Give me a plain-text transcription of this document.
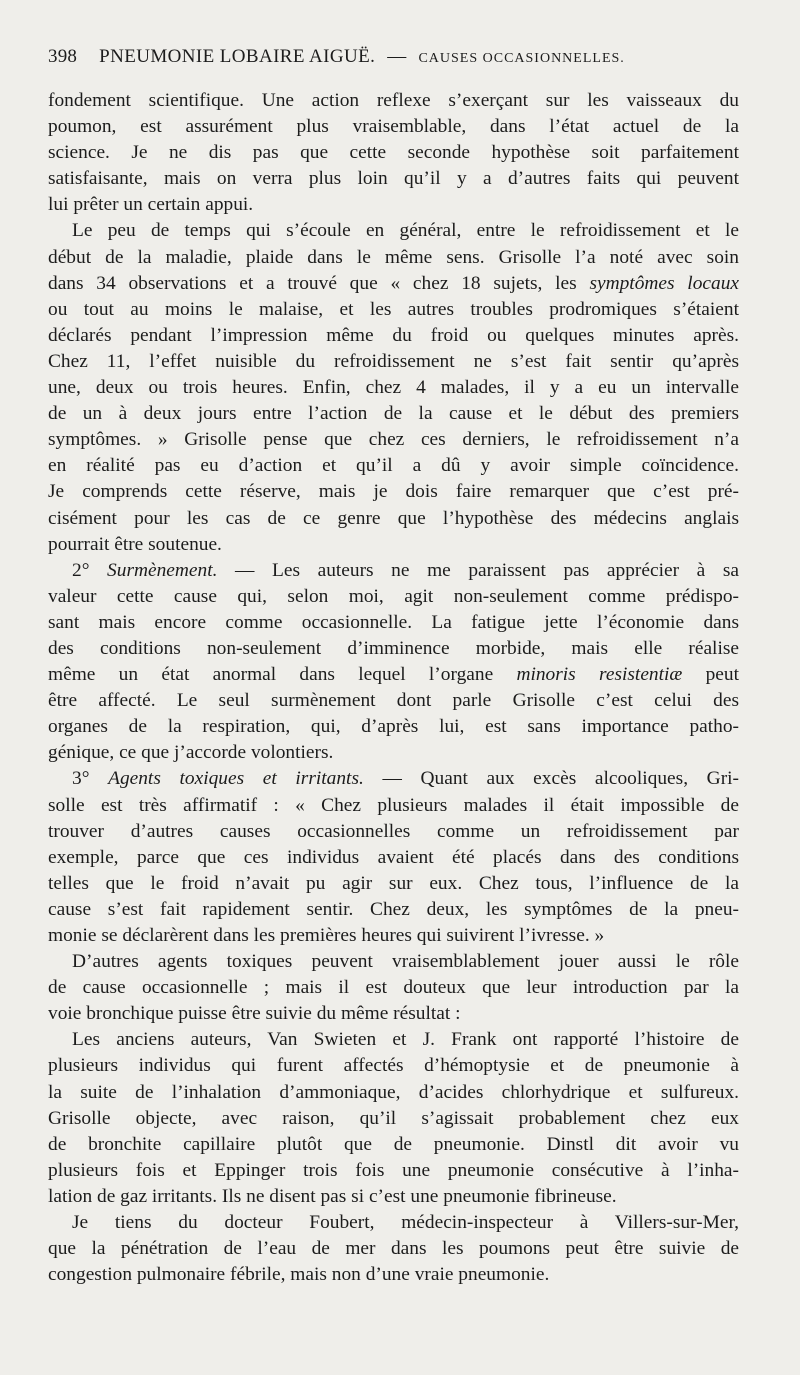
398 PNEUMONIE LOBAIRE AIGUË. — CAUSES OCCASIONNELLES.
fondement scientifique. Une action reflexe s’exerçant sur les vaisseaux du
poumon, est assurément plus vraisemblable, dans l’état actuel de la
science. Je ne dis pas que cette seconde hypothèse soit parfaitement
satisfaisante, mais on verra plus loin qu’il y a d’autres faits qui peuvent
lui prêter un certain appui.
Le peu de temps qui s’écoule en général, entre le refroidissement et le
début de la maladie, plaide dans le même sens. Grisolle l’a noté avec soin
dans 34 observations et a trouvé que « chez 18 sujets, les symptômes locaux
ou tout au moins le malaise, et les autres troubles prodromiques s’étaient
déclarés pendant l’impression même du froid ou quelques minutes après.
Chez 11, l’effet nuisible du refroidissement ne s’est fait sentir qu’après
une, deux ou trois heures. Enfin, chez 4 malades, il y a eu un intervalle
de un à deux jours entre l’action de la cause et le début des premiers
symptômes. » Grisolle pense que chez ces derniers, le refroidissement n’a
en réalité pas eu d’action et qu’il a dû y avoir simple coïncidence.
Je comprends cette réserve, mais je dois faire remarquer que c’est pré-
cisément pour les cas de ce genre que l’hypothèse des médecins anglais
pourrait être soutenue.
2° Surmènement. — Les auteurs ne me paraissent pas apprécier à sa
valeur cette cause qui, selon moi, agit non-seulement comme prédispo-
sant mais encore comme occasionnelle. La fatigue jette l’économie dans
des conditions non-seulement d’imminence morbide, mais elle réalise
même un état anormal dans lequel l’organe minoris resistentiæ peut
être affecté. Le seul surmènement dont parle Grisolle c’est celui des
organes de la respiration, qui, d’après lui, est sans importance patho-
génique, ce que j’accorde volontiers.
3° Agents toxiques et irritants. — Quant aux excès alcooliques, Gri-
solle est très affirmatif : « Chez plusieurs malades il était impossible de
trouver d’autres causes occasionnelles comme un refroidissement par
exemple, parce que ces individus avaient été placés dans des conditions
telles que le froid n’avait pu agir sur eux. Chez tous, l’influence de la
cause s’est fait rapidement sentir. Chez deux, les symptômes de la pneu-
monie se déclarèrent dans les premières heures qui suivirent l’ivresse. »
D’autres agents toxiques peuvent vraisemblablement jouer aussi le rôle
de cause occasionnelle ; mais il est douteux que leur introduction par la
voie bronchique puisse être suivie du même résultat :
Les anciens auteurs, Van Swieten et J. Frank ont rapporté l’histoire de
plusieurs individus qui furent affectés d’hémoptysie et de pneumonie à
la suite de l’inhalation d’ammoniaque, d’acides chlorhydrique et sulfureux.
Grisolle objecte, avec raison, qu’il s’agissait probablement chez eux
de bronchite capillaire plutôt que de pneumonie. Dinstl dit avoir vu
plusieurs fois et Eppinger trois fois une pneumonie consécutive à l’inha-
lation de gaz irritants. Ils ne disent pas si c’est une pneumonie fibrineuse.
Je tiens du docteur Foubert, médecin-inspecteur à Villers-sur-Mer,
que la pénétration de l’eau de mer dans les poumons peut être suivie de
congestion pulmonaire fébrile, mais non d’une vraie pneumonie.
